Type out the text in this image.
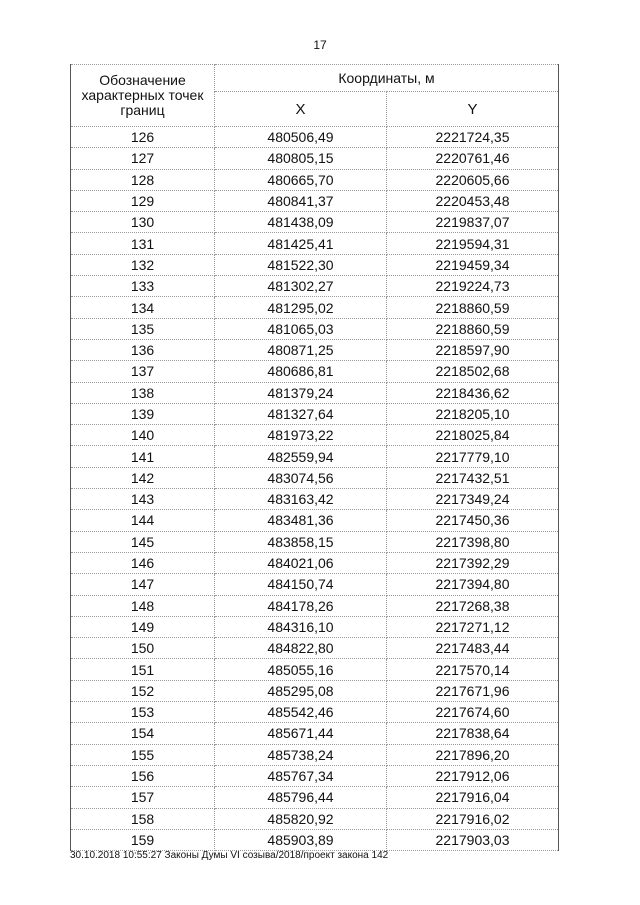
17
Обозначение характерных точек границ	Координаты, м	
	X	Y
126	480506,49	2221724,35
127	480805,15	2220761,46
128	480665,70	2220605,66
129	480841,37	2220453,48
130	481438,09	2219837,07
131	481425,41	2219594,31
132	481522,30	2219459,34
133	481302,27	2219224,73
134	481295,02	2218860,59
135	481065,03	2218860,59
136	480871,25	2218597,90
137	480686,81	2218502,68
138	481379,24	2218436,62
139	481327,64	2218205,10
140	481973,22	2218025,84
141	482559,94	2217779,10
142	483074,56	2217432,51
143	483163,42	2217349,24
144	483481,36	2217450,36
145	483858,15	2217398,80
146	484021,06	2217392,29
147	484150,74	2217394,80
148	484178,26	2217268,38
149	484316,10	2217271,12
150	484822,80	2217483,44
151	485055,16	2217570,14
152	485295,08	2217671,96
153	485542,46	2217674,60
154	485671,44	2217838,64
155	485738,24	2217896,20
156	485767,34	2217912,06
157	485796,44	2217916,04
158	485820,92	2217916,02
159	485903,89	2217903,03
30.10.2018 10:55:27 Законы Думы VI созыва/2018/проект закона 142
